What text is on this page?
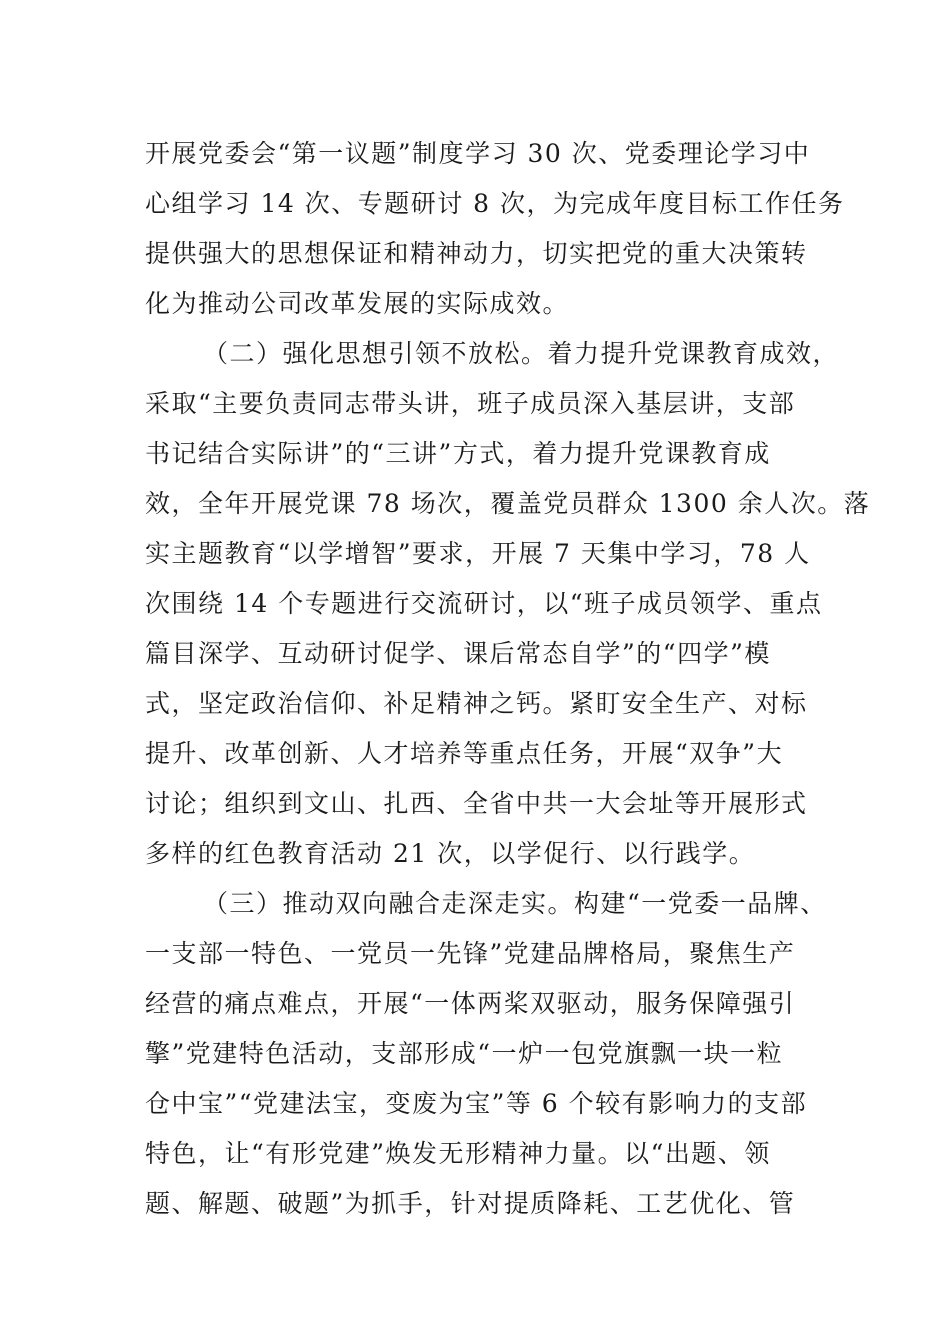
开展党委会“第一议题”制度学习 30 次、党委理论学习中
心组学习 14 次、专题研讨 8 次，为完成年度目标工作任务
提供强大的思想保证和精神动力，切实把党的重大决策转
化为推动公司改革发展的实际成效。
（二）强化思想引领不放松。着力提升党课教育成效，
采取“主要负责同志带头讲，班子成员深入基层讲，支部
书记结合实际讲”的“三讲”方式，着力提升党课教育成
效，全年开展党课 78 场次，覆盖党员群众 1300 余人次。落
实主题教育“以学增智”要求，开展 7 天集中学习，78 人
次围绕 14 个专题进行交流研讨，以“班子成员领学、重点
篇目深学、互动研讨促学、课后常态自学”的“四学”模
式，坚定政治信仰、补足精神之钙。紧盯安全生产、对标
提升、改革创新、人才培养等重点任务，开展“双争”大
讨论；组织到文山、扎西、全省中共一大会址等开展形式
多样的红色教育活动 21 次，以学促行、以行践学。
（三）推动双向融合走深走实。构建“一党委一品牌、
一支部一特色、一党员一先锋”党建品牌格局，聚焦生产
经营的痛点难点，开展“一体两桨双驱动，服务保障强引
擎”党建特色活动，支部形成“一炉一包党旗飘一块一粒
仓中宝”“党建法宝，变废为宝”等 6 个较有影响力的支部
特色，让“有形党建”焕发无形精神力量。以“出题、领
题、解题、破题”为抓手，针对提质降耗、工艺优化、管
